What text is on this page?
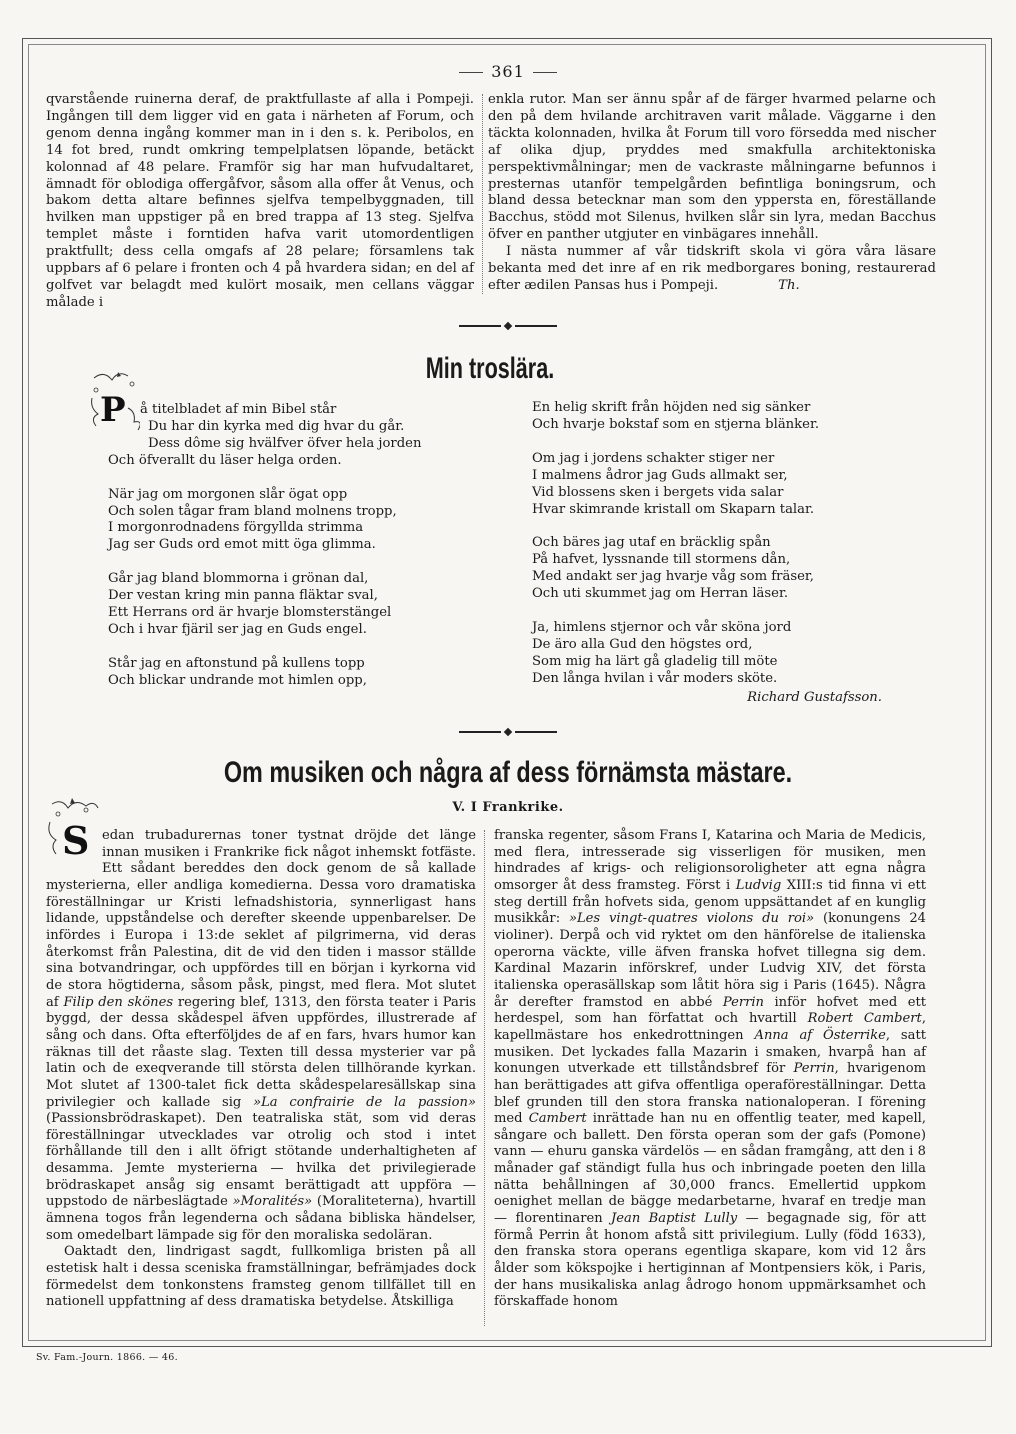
361

qvarstående ruinerna deraf, de praktfullaste af alla i Pompeji. Ingången till dem ligger vid en gata i närheten af Forum, och genom denna ingång kommer man in i den s. k. Peribolos, en 14 fot bred, rundt omkring tempelplatsen löpande, betäckt kolonnad af 48 pelare. Framför sig har man hufvudaltaret, ämnadt för oblodiga offergåfvor, såsom alla offer åt Venus, och bakom detta altare befinnes sjelfva tempelbyggnaden, till hvilken man uppstiger på en bred trappa af 13 steg. Sjelfva templet måste i forntiden hafva varit utomordentligen praktfullt; dess cella omgafs af 28 pelare; församlens tak uppbars af 6 pelare i fronten och 4 på hvardera sidan; en del af golfvet var belagdt med kulört mosaik, men cellans väggar målade i

enkla rutor. Man ser ännu spår af de färger hvarmed pelarne och den på dem hvilande architraven varit målade. Väggarne i den täckta kolonnaden, hvilka åt Forum till voro försedda med nischer af olika djup, pryddes med smakfulla architektoniska perspektivmålningar; men de vackraste målningarne befunnos i presternas utanför tempelgården befintliga boningsrum, och bland dessa betecknar man som den yppersta en, föreställande Bacchus, stödd mot Silenus, hvilken slår sin lyra, medan Bacchus öfver en panther utgjuter en vinbägares innehåll.

I nästa nummer af vår tidskrift skola vi göra våra läsare bekanta med det inre af en rik medborgares boning, restaurerad efter ædilen Pansas hus i Pompeji.	Th.

Min troslära.
P	å titelbladet af min Bibel står
Du har din kyrka med dig hvar du går.
Dess dôme sig hvälfver öfver hela jorden
Och öfverallt du läser helga orden.
När jag om morgonen slår ögat opp
Och solen tågar fram bland molnens tropp,
I morgonrodnadens förgyllda strimma
Jag ser Guds ord emot mitt öga glimma.
Går jag bland blommorna i grönan dal,
Der vestan kring min panna fläktar sval,
Ett Herrans ord är hvarje blomsterstängel
Och i hvar fjäril ser jag en Guds engel.
Står jag en aftonstund på kullens topp
Och blickar undrande mot himlen opp,
En helig skrift från höjden ned sig sänker
Och hvarje bokstaf som en stjerna blänker.
Om jag i jordens schakter stiger ner
I malmens ådror jag Guds allmakt ser,
Vid blossens sken i bergets vida salar
Hvar skimrande kristall om Skaparn talar.
Och bäres jag utaf en bräcklig spån
På hafvet, lyssnande till stormens dån,
Med andakt ser jag hvarje våg som fräser,
Och uti skummet jag om Herran läser.
Ja, himlens stjernor och vår sköna jord
De äro alla Gud den högstes ord,
Som mig ha lärt gå gladelig till möte
Den långa hvilan i vår moders sköte.
Richard Gustafsson.
Om musiken och några af dess förnämsta mästare.
V. I Frankrike.
S edan trubadurernas toner tystnat dröjde det länge innan musiken i Frankrike fick något inhemskt fotfäste. Ett sådant bereddes den dock genom de så kallade mysterierna, eller andliga komedierna. Dessa voro dramatiska föreställningar ur Kristi lefnadshistoria, synnerligast hans lidande, uppståndelse och derefter skeende uppenbarelser. De infördes i Europa i 13:de seklet af pilgrimerna, vid deras återkomst från Palestina, dit de vid den tiden i massor ställde sina botvandringar, och uppfördes till en början i kyrkorna vid de stora högtiderna, såsom påsk, pingst, med flera. Mot slutet af Filip den skönes regering blef, 1313, den första teater i Paris byggd, der dessa skådespel äfven uppfördes, illustrerade af sång och dans. Ofta efterföljdes de af en fars, hvars humor kan räknas till det råaste slag. Texten till dessa mysterier var på latin och de exeqverande till största delen tillhörande kyrkan. Mot slutet af 1300-talet fick detta skådespelaresällskap sina privilegier och kallade sig »La confrairie de la passion» (Passionsbrödraskapet). Den teatraliska stät, som vid deras föreställningar utvecklades var otrolig och stod i intet förhållande till den i allt öfrigt stötande underhaltigheten af desamma. Jemte mysterierna — hvilka det privilegierade brödraskapet ansåg sig ensamt berättigadt att uppföra — uppstodo de närbeslägtade »Moralités» (Moraliteterna), hvartill ämnena togos från legenderna och sådana bibliska händelser, som omedelbart lämpade sig för den moraliska sedoläran.

Oaktadt den, lindrigast sagdt, fullkomliga bristen på all estetisk halt i dessa sceniska framställningar, befrämjades dock förmedelst dem tonkonstens framsteg genom tillfället till en nationell uppfattning af dess dramatiska betydelse. Åtskilliga

franska regenter, såsom Frans I, Katarina och Maria de Medicis, med flera, intresserade sig visserligen för musiken, men hindrades af krigs- och religionsoroligheter att egna några omsorger åt dess framsteg. Först i Ludvig XIII:s tid finna vi ett steg dertill från hofvets sida, genom uppsättandet af en kunglig musikkår: »Les vingt-quatres violons du roi» (konungens 24 violiner). Derpå och vid ryktet om den hänförelse de italienska operorna väckte, ville äfven franska hofvet tillegna sig dem. Kardinal Mazarin införskref, under Ludvig XIV, det första italienska operasällskap som låtit höra sig i Paris (1645). Några år derefter framstod en abbé Perrin inför hofvet med ett herdespel, som han författat och hvartill Robert Cambert, kapellmästare hos enkedrottningen Anna af Österrike, satt musiken. Det lyckades falla Mazarin i smaken, hvarpå han af konungen utverkade ett tillståndsbref för Perrin, hvarigenom han berättigades att gifva offentliga operaföreställningar. Detta blef grunden till den stora franska nationaloperan. I förening med Cambert inrättade han nu en offentlig teater, med kapell, sångare och ballett. Den första operan som der gafs (Pomone) vann — ehuru ganska värdelös — en sådan framgång, att den i 8 månader gaf ständigt fulla hus och inbringade poeten den lilla nätta behållningen af 30,000 francs. Emellertid uppkom oenighet mellan de bägge medarbetarne, hvaraf en tredje man — florentinaren Jean Baptist Lully — begagnade sig, för att förmå Perrin åt honom afstå sitt privilegium. Lully (född 1633), den franska stora operans egentliga skapare, kom vid 12 års ålder som kökspojke i hertiginnan af Montpensiers kök, i Paris, der hans musikaliska anlag ådrogo honom uppmärksamhet och förskaffade honom

Sv. Fam.-Journ. 1866. — 46.
